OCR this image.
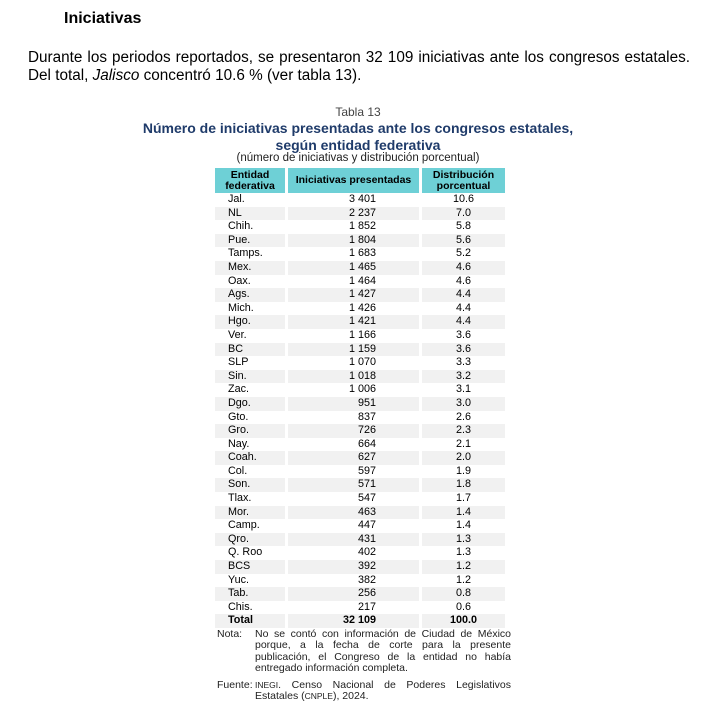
Iniciativas
Durante los periodos reportados, se presentaron 32 109 iniciativas ante los congresos estatales. Del total, Jalisco concentró 10.6 % (ver tabla 13).
Tabla 13
Número de iniciativas presentadas ante los congresos estatales,
según entidad federativa
(número de iniciativas y distribución porcentual)
Entidad
federativa		Iniciativas presentadas		Distribución
porcentual
Jal.		3 401		10.6
NL		2 237		7.0
Chih.		1 852		5.8
Pue.		1 804		5.6
Tamps.		1 683		5.2
Mex.		1 465		4.6
Oax.		1 464		4.6
Ags.		1 427		4.4
Mich.		1 426		4.4
Hgo.		1 421		4.4
Ver.		1 166		3.6
BC		1 159		3.6
SLP		1 070		3.3
Sin.		1 018		3.2
Zac.		1 006		3.1
Dgo.		951		3.0
Gto.		837		2.6
Gro.		726		2.3
Nay.		664		2.1
Coah.		627		2.0
Col.		597		1.9
Son.		571		1.8
Tlax.		547		1.7
Mor.		463		1.4
Camp.		447		1.4
Qro.		431		1.3
Q. Roo		402		1.3
BCS		392		1.2
Yuc.		382		1.2
Tab.		256		0.8
Chis.		217		0.6
Total		32 109		100.0
Nota: No se contó con información de Ciudad de México porque, a la fecha de corte para la presente publicación, el Congreso de la entidad no había entregado información completa.
Fuente: INEGI. Censo Nacional de Poderes Legislativos Estatales (CNPLE), 2024.
